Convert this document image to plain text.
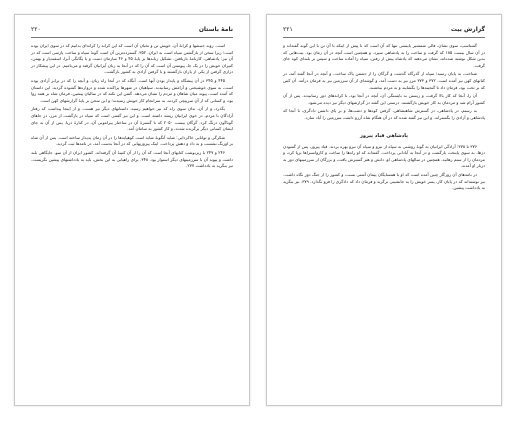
۲۲۰	نامهٔ باستان

است. روند جنبشها و کرانهٔ آن، خویش تن و نخبان آن است که این کرانه را کرانه‌ای بدانیم که در سوی ایران بوده است؛ زیرا سخن از بازگشتن سپاه است به ایران. ۳۵۲. گسترده‌ترین آن است گونهٔ سپاه و ساخت پارسی است که در آن نیز: پادشاهی، کارنامهٔ بازیافتن. تشکیل زبانه‌ها بر پایهٔ ۴۵ و ۴۶ سازمان دست و با یگانگی آنرا، اسفندیار و بهمن، کنیزان خویش را در یک جا، پیوستن آن است که آن را که در آنجا به زبان آیرانیان گرفته و می‌نامیم. در این پیشکار در درازی گرفتن از یکی از یاران بازگشتند و با گرفتن آزادی به کشور بازگشت.

۴۴۵ و ۳۴۵ در آن پیشگاه و پایدار بودن آنها است. آنگاه که در آنجا راه زبان، و آنچه را که در برابر آزادی بوده است، به سوی خوشبختی و آرامش رسانیدند. سپاهیان در شهرها پراکنده شده و دروازه‌ها گشوده گردید. این داستان که آمده است، پیوند میان شاهان و مردم را نشان می‌دهد. گفتن این نکته که در سالیان پیشین، فرمان شاه بر همه روا بود، و کسانی که از آن سرپیچی کردند، به سرانجام کار خویش رسیدند؛ و این سخن بر پایهٔ گزارشهای کهن است.

بگذرد، و از آن، بدان سوی راه که نیز خواهیم رسید، داستانهای دیگر نیز هست. و از اینجا پیداست که رفتار آزادگان با مردم، در خوی ایرانیان ریشه داشته است. و این نیز گفتنی است که سپاه در بازگشت از مرز، در جاهای گوناگون درنگ کرد. گرگان بیست ۲۰۵۰ که تا گسترهٔ آن در ساختار پیرامونی آن، در کنارهٔ دریا. پس از آن به جای ایشان کسانی دیگر برگزیده شدند، و کار کشور به سامان آمد.

شکرگی و توانایی خاکزدایی: شاید آنگونهٔ شاید است کوهپایه‌ها را در آن زمان پدیدار ساخته است. پس از آن شاه بر اورنگ نشست و به داد و دهش پرداخت. اینک پیروزیهایی که در آنجا بدست آمد، در نامه‌ها ثبت گردید.

۲۴۶ و ۲۴۷ با زیرنوشت کتابهای آنجا است که آن را از آن کتیبهٔ آن گرفته‌اند. کشور ایران از آن سو، جایگاهی بلند داشت و پیوند آن با سرزمینهای دیگر استوار بود. ۳۴۸. برای راهیابی به این بخش، باید به یادداشتهای پیشین نگریست. نیز بنگرید به یادداشت ۲۷۷.

۲۲۱	گزارش بیت

گشتاسپ، سوی نشان، فالی شمشیر بایستی تنها که آن است که نا پیش از اینکه تا آن تن با این گونه گفته‌اند و در آن سال بیست ۱۸۵ که گرفت و ساخت را به پادشاهی سپرد. و همچنین است آنچه در آن زمان بود. بیت‌هایی که بدین شکل نوشته شده‌اند، نشان می‌دهند که پادشاه پیش از رفتن، سپاه را آماده ساخت و سپس بر بلندای کوه جای گرفت.

شناخت، به پایان رسید؛ سپاه از گذرگاه گذشت و گرگان را از دشمن پاک ساخت. و آنچه در آنجا گفته آمد، در کتابهای کهن نیز آمده است. ۳۷۲ و ۳۷۳ مرز نیز به دست آمد، و گوشه‌ای از آن سرزمین نیز به فرمان درآمد. آن کس که بر تخت بود، فرمان داد تا گنجینه‌ها را بگشایند و به مردم ببخشند.

آن را، آنجا که کار بالا گرفت، و زیستن به بایستگی آن، آنچه در آنجا بود، تا کرانه‌های دور رسانیدند. پس از آن کشور آرام شد و مردمان به کار خویش بازگشتند. درستی این گفته در گزارشهای دیگر نیز دیده می‌شود.

به رستم، در پادشاهی، در گسترش شاهنشاهی، گرفتن کوه‌ها و دشت‌ها، و بر پای داشتن دادگری، تا آنجا که پادشاهی و آزادی را بگستراند. و این نیز گفته شده که در آن هنگام شاه آرزو داشت سرزمین را آباد سازد.

پادشاهی قباد پیروز

۳۷۶ تا ۳۷۸: آزادگی ایرانیان به گونهٔ روشنی به سپاه از نیرو و سپاه آن نیرو بهره بردند. قباد پیروز، پس از گشودن دژها، به سوی پایتخت بازگشت و در آنجا به آبادانی پرداخت. گفته‌اند که او راه‌ها را ساخت و کاروانسراها برپا کرد، و مردمان را از ستم رهانید. همچنین در سالهای پادشاهی او، دانش و هنر گسترش یافت، و بزرگان از سرزمینهای دور به دربار او آمدند.

در نامه‌های آن روزگار چنین آمده است که او با همسایگان پیمان آشتی بست، و کشور را از جنگ دور نگاه داشت. نیز نوشته‌اند که در پایان کار، پسر خویش را به جانشینی برگزید و فرمان داد که دادگری را فرو نگذارد. ۳۷۹. نیز بنگرید به یادداشت پیشین.
